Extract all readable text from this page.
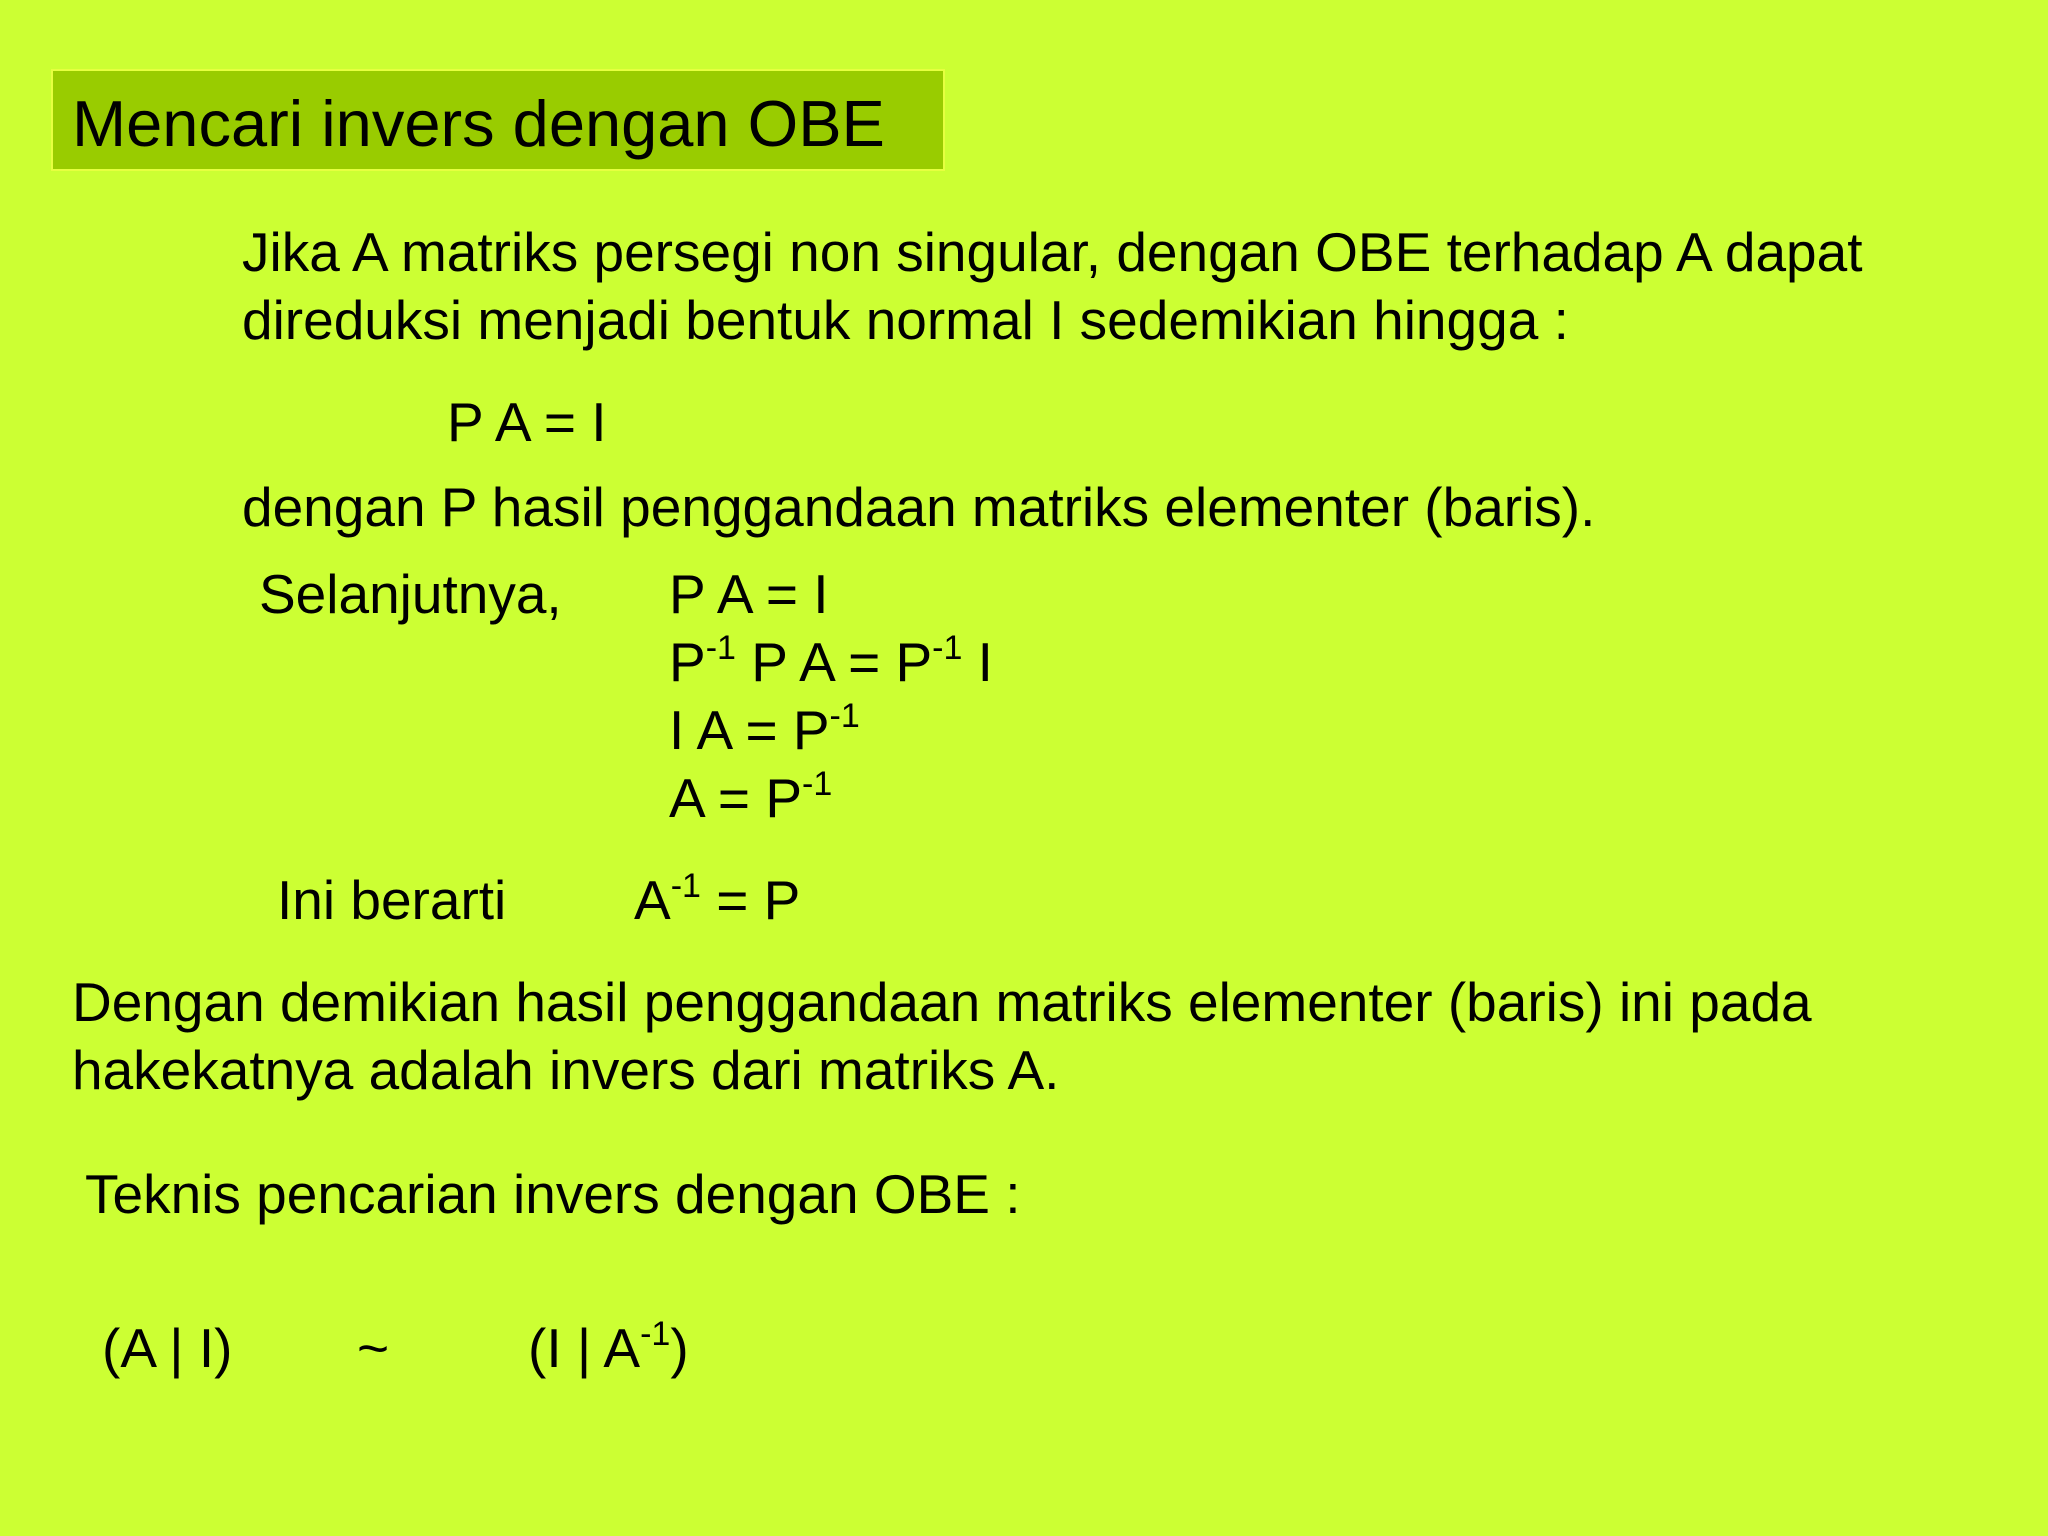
Mencari invers dengan OBE
Jika A matriks persegi non singular, dengan OBE terhadap A dapat
direduksi menjadi bentuk normal I sedemikian hingga :
P A = I
dengan P hasil penggandaan matriks elementer (baris).
Selanjutnya, P A = I
$P^{-1}$ P $A = P^{-1}$ I
I $A = P^{-1}$
$A = P^{-1}$
Ini berarti $A^{-1} = P$
Dengan demikian hasil penggandaan matriks elementer (baris) ini pada
hakekatnya adalah invers dari matriks A.
Teknis pencarian invers dengan OBE :
(A | I) ~	(I | $A^{-1}$)
